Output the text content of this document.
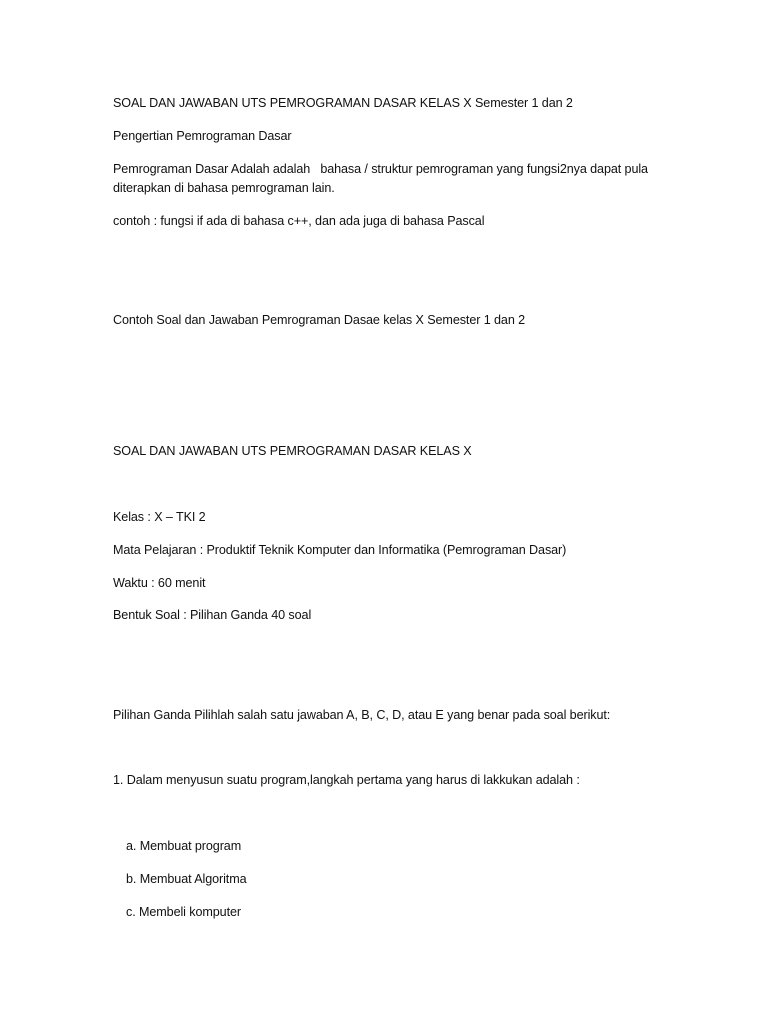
SOAL DAN JAWABAN UTS PEMROGRAMAN DASAR KELAS X Semester 1 dan 2
Pengertian Pemrograman Dasar
Pemrograman Dasar Adalah adalah   bahasa / struktur pemrograman yang fungsi2nya dapat pula
diterapkan di bahasa pemrograman lain.
contoh : fungsi if ada di bahasa c++, dan ada juga di bahasa Pascal
Contoh Soal dan Jawaban Pemrograman Dasae kelas X Semester 1 dan 2
SOAL DAN JAWABAN UTS PEMROGRAMAN DASAR KELAS X
Kelas : X – TKI 2
Mata Pelajaran : Produktif Teknik Komputer dan Informatika (Pemrograman Dasar)
Waktu : 60 menit
Bentuk Soal : Pilihan Ganda 40 soal
Pilihan Ganda Pilihlah salah satu jawaban A, B, C, D, atau E yang benar pada soal berikut:
1. Dalam menyusun suatu program,langkah pertama yang harus di lakkukan adalah :
a. Membuat program
b. Membuat Algoritma
c. Membeli komputer
